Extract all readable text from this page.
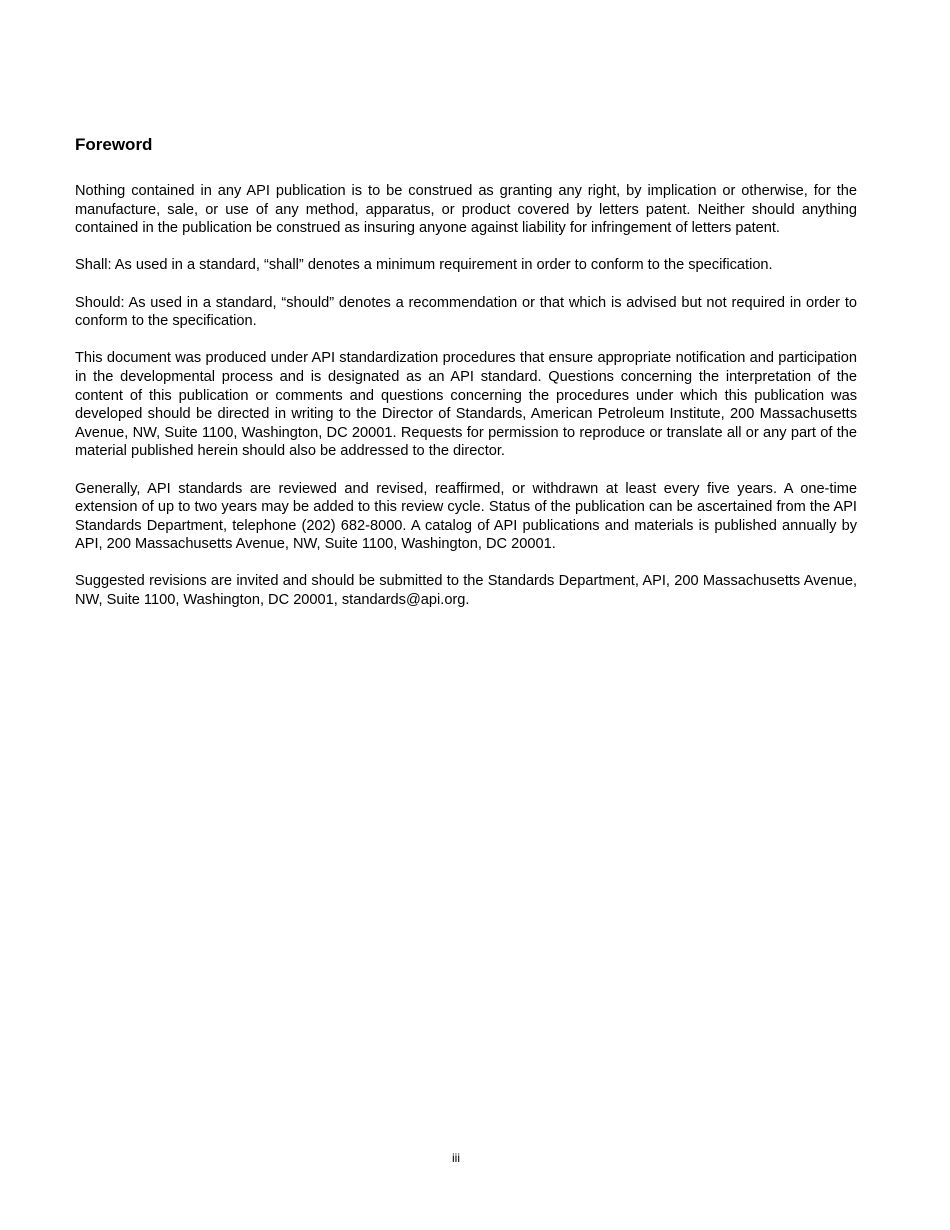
Foreword

Nothing contained in any API publication is to be construed as granting any right, by implication or otherwise, for the manufacture, sale, or use of any method, apparatus, or product covered by letters patent. Neither should anything contained in the publication be construed as insuring anyone against liability for infringement of letters patent.

Shall: As used in a standard, “shall” denotes a minimum requirement in order to conform to the specification.

Should: As used in a standard, “should” denotes a recommendation or that which is advised but not required in order to conform to the specification.

This document was produced under API standardization procedures that ensure appropriate notification and participation in the developmental process and is designated as an API standard. Questions concerning the interpretation of the content of this publication or comments and questions concerning the procedures under which this publication was developed should be directed in writing to the Director of Standards, American Petroleum Institute, 200 Massachusetts Avenue, NW, Suite 1100, Washington, DC 20001. Requests for permission to reproduce or translate all or any part of the material published herein should also be addressed to the director.

Generally, API standards are reviewed and revised, reaffirmed, or withdrawn at least every five years. A one-time extension of up to two years may be added to this review cycle. Status of the publication can be ascertained from the API Standards Department, telephone (202) 682-8000. A catalog of API publications and materials is published annually by API, 200 Massachusetts Avenue, NW, Suite 1100, Washington, DC 20001.

Suggested revisions are invited and should be submitted to the Standards Department, API, 200 Massachusetts Avenue, NW, Suite 1100, Washington, DC 20001, standards@api.org.

iii
